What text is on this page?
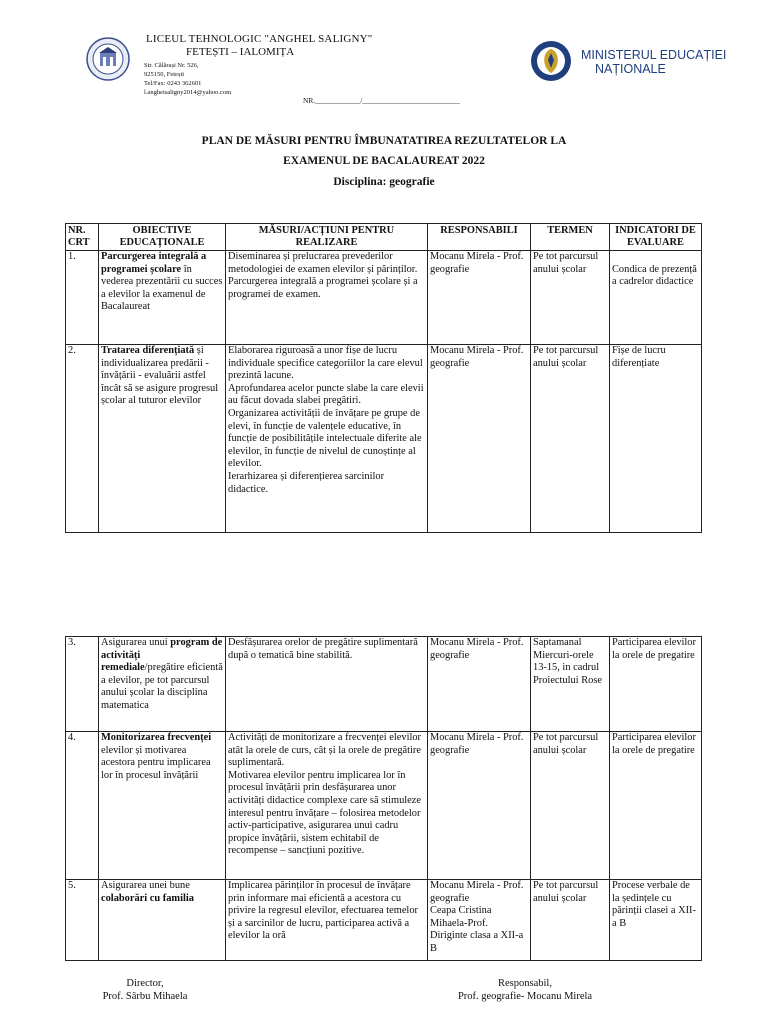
LICEUL TEHNOLOGIC "ANGHEL SALIGNY"
FETEȘTI – IALOMIȚA
Str. Călărași Nr. 526,
925150, Fetești
Tel/Fax: 0243 362601
l.angheisaligny2014@yahoo.com
MINISTERUL EDUCAȚIEI
NAȚIONALE
NR.____________/__________________________
PLAN DE MĂSURI PENTRU ÎMBUNATATIREA REZULTATELOR LA
EXAMENUL DE BACALAUREAT 2022
Disciplina: geografie
NR. CRT	OBIECTIVE EDUCAȚIONALE	MĂSURI/ACȚIUNI PENTRU REALIZARE	RESPONSABILI	TERMEN	INDICATORI DE EVALUARE
1.	Parcurgerea integrală a programei școlare în vederea prezentării cu succes a elevilor la examenul de Bacalaureat	Diseminarea și prelucrarea prevederilor metodologiei de examen elevilor și părinților.
Parcurgerea integrală a programei școlare și a programei de examen.	Mocanu Mirela - Prof. geografie	Pe tot parcursul anului școlar	
Condica de prezență a cadrelor didactice
2.	Tratarea diferențiată și individualizarea predării - învățării - evaluării astfel încât să se asigure progresul școlar al tuturor elevilor	Elaborarea riguroasă a unor fișe de lucru individuale specifice categoriilor la care elevul prezintă lacune.
Aprofundarea acelor puncte slabe la care elevii au făcut dovada slabei pregătiri.
Organizarea activității de învățare pe grupe de elevi, în funcție de valențele educative, în funcție de posibilitățile intelectuale diferite ale elevilor, în funcție de nivelul de cunoștințe al elevilor.
Ierarhizarea și diferențierea sarcinilor didactice.	Mocanu Mirela - Prof. geografie	Pe tot parcursul anului școlar	Fișe de lucru diferențiate
3.	Asigurarea unui program de activități remediale/pregătire eficientă a elevilor, pe tot parcursul anului școlar la disciplina matematica	Desfășurarea orelor de pregătire suplimentară după o tematică bine stabilită.	Mocanu Mirela - Prof. geografie	Saptamanal Miercuri-orele 13-15, in cadrul Proiectului Rose	Participarea elevilor la orele de pregatire
4.	Monitorizarea frecvenței elevilor și motivarea acestora pentru implicarea lor în procesul învățării	Activități de monitorizare a frecvenței elevilor atât la orele de curs, cât și la orele de pregătire suplimentară.
Motivarea elevilor pentru implicarea lor în procesul învățării prin desfășurarea unor activități didactice complexe care să stimuleze interesul pentru învățare – folosirea metodelor activ-participative, asigurarea unui cadru propice învățării, sistem echitabil de recompense – sancțiuni pozitive.	Mocanu Mirela - Prof. geografie	Pe tot parcursul anului școlar	Participarea elevilor la orele de pregatire
5.	Asigurarea unei bune colaborări cu familia	Implicarea părinților în procesul de învățare prin informare mai eficientă a acestora cu privire la regresul elevilor, efectuarea temelor și a sarcinilor de lucru, participarea activă a elevilor la oră	Mocanu Mirela - Prof. geografie
Ceapa Cristina Mihaela-Prof. Diriginte clasa a XII-a B	Pe tot parcursul anului școlar	Procese verbale de la ședințele cu părinții clasei a XII-a B
Director,
Prof. Sârbu Mihaela
Responsabil,
Prof. geografie- Mocanu Mirela
